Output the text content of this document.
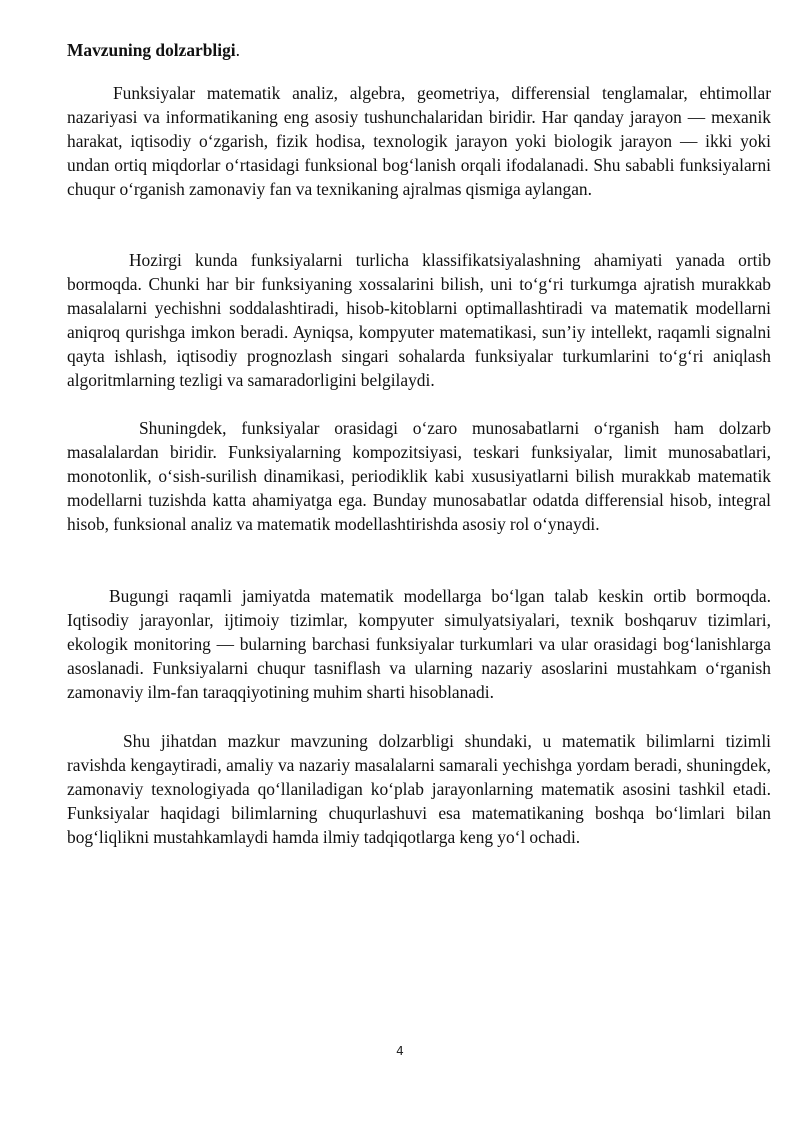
Mavzuning dolzarbligi.

Funksiyalar matematik analiz, algebra, geometriya, differensial tenglamalar, ehtimollar nazariyasi va informatikaning eng asosiy tushunchalaridan biridir. Har qanday jarayon — mexanik harakat, iqtisodiy o‘zgarish, fizik hodisa, texnologik jarayon yoki biologik jarayon — ikki yoki undan ortiq miqdorlar o‘rtasidagi funksional bog‘lanish orqali ifodalanadi. Shu sababli funksiyalarni chuqur o‘rganish zamonaviy fan va texnikaning ajralmas qismiga aylangan.

Hozirgi kunda funksiyalarni turlicha klassifikatsiyalashning ahamiyati yanada ortib bormoqda. Chunki har bir funksiyaning xossalarini bilish, uni to‘g‘ri turkumga ajratish murakkab masalalarni yechishni soddalashtiradi, hisob-kitoblarni optimallashtiradi va matematik modellarni aniqroq qurishga imkon beradi. Ayniqsa, kompyuter matematikasi, sun’iy intellekt, raqamli signalni qayta ishlash, iqtisodiy prognozlash singari sohalarda funksiyalar turkumlarini to‘g‘ri aniqlash algoritmlarning tezligi va samaradorligini belgilaydi.

Shuningdek, funksiyalar orasidagi o‘zaro munosabatlarni o‘rganish ham dolzarb masalalardan biridir. Funksiyalarning kompozitsiyasi, teskari funksiyalar, limit munosabatlari, monotonlik, o‘sish-surilish dinamikasi, periodiklik kabi xususiyatlarni bilish murakkab matematik modellarni tuzishda katta ahamiyatga ega. Bunday munosabatlar odatda differensial hisob, integral hisob, funksional analiz va matematik modellashtirishda asosiy rol o‘ynaydi.

Bugungi raqamli jamiyatda matematik modellarga bo‘lgan talab keskin ortib bormoqda. Iqtisodiy jarayonlar, ijtimoiy tizimlar, kompyuter simulyatsiyalari, texnik boshqaruv tizimlari, ekologik monitoring — bularning barchasi funksiyalar turkumlari va ular orasidagi bog‘lanishlarga asoslanadi. Funksiyalarni chuqur tasniflash va ularning nazariy asoslarini mustahkam o‘rganish zamonaviy ilm-fan taraqqiyotining muhim sharti hisoblanadi.

Shu jihatdan mazkur mavzuning dolzarbligi shundaki, u matematik bilimlarni tizimli ravishda kengaytiradi, amaliy va nazariy masalalarni samarali yechishga yordam beradi, shuningdek, zamonaviy texnologiyada qo‘llaniladigan ko‘plab jarayonlarning matematik asosini tashkil etadi. Funksiyalar haqidagi bilimlarning chuqurlashuvi esa matematikaning boshqa bo‘limlari bilan bog‘liqlikni mustahkamlaydi hamda ilmiy tadqiqotlarga keng yo‘l ochadi.

4
